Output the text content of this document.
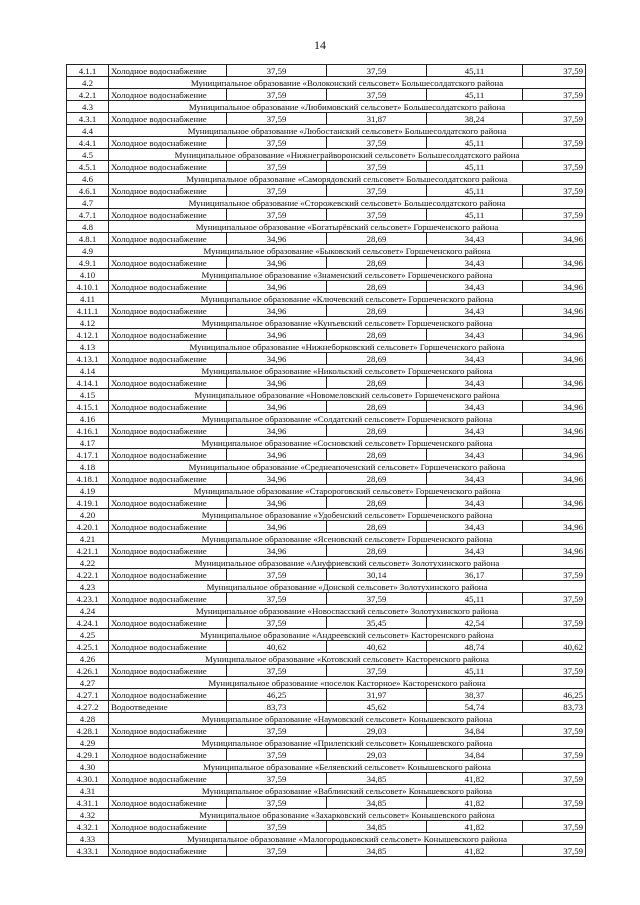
14
4.1.1	Холодное водоснабжение	37,59	37,59	45,11	37,59
4.2	Муниципальное образование «Волоконский сельсовет» Большесолдатского района				
4.2.1	Холодное водоснабжение	37,59	37,59	45,11	37,59
4.3	Муниципальное образование «Любимовский сельсовет» Большесолдатского района				
4.3.1	Холодное водоснабжение	37,59	31,87	38,24	37,59
4.4	Муниципальное образование «Любостанский сельсовет» Большесолдатского района				
4.4.1	Холодное водоснабжение	37,59	37,59	45,11	37,59
4.5	Муниципальное образование «Нижнеграйворонский сельсовет» Большесолдатского района				
4.5.1	Холодное водоснабжение	37,59	37,59	45,11	37,59
4.6	Муниципальное образование «Саморядовский сельсовет» Большесолдатского района				
4.6.1	Холодное водоснабжение	37,59	37,59	45,11	37,59
4.7	Муниципальное образование «Сторожевский сельсовет» Большесолдатского района				
4.7.1	Холодное водоснабжение	37,59	37,59	45,11	37,59
4.8	Муниципальное образование «Богатырёвский сельсовет» Горшеченского района				
4.8.1	Холодное водоснабжение	34,96	28,69	34,43	34,96
4.9	Муниципальное образование «Быковский сельсовет» Горшеченского района				
4.9.1	Холодное водоснабжение	34,96	28,69	34,43	34,96
4.10	Муниципальное образование «Знаменский сельсовет» Горшеченского района				
4.10.1	Холодное водоснабжение	34,96	28,69	34,43	34,96
4.11	Муниципальное образование «Ключевский сельсовет» Горшеченского района				
4.11.1	Холодное водоснабжение	34,96	28,69	34,43	34,96
4.12	Муниципальное образование «Кунъевский сельсовет» Горшеченского района				
4.12.1	Холодное водоснабжение	34,96	28,69	34,43	34,96
4.13	Муниципальное образование «Нижнеборковский сельсовет» Горшеченского района				
4.13.1	Холодное водоснабжение	34,96	28,69	34,43	34,96
4.14	Муниципальное образование «Никольский сельсовет» Горшеченского района				
4.14.1	Холодное водоснабжение	34,96	28,69	34,43	34,96
4.15	Муниципальное образование «Новомеловский сельсовет» Горшеченского района				
4.15.1	Холодное водоснабжение	34,96	28,69	34,43	34,96
4.16	Муниципальное образование «Солдатский сельсовет» Горшеченского района				
4.16.1	Холодное водоснабжение	34,96	28,69	34,43	34,96
4.17	Муниципальное образование «Сосновский сельсовет» Горшеченского района				
4.17.1	Холодное водоснабжение	34,96	28,69	34,43	34,96
4.18	Муниципальное образование «Среднеапоченский сельсовет» Горшеченского района				
4.18.1	Холодное водоснабжение	34,96	28,69	34,43	34,96
4.19	Муниципальное образование «Старороговский сельсовет» Горшеченского района				
4.19.1	Холодное водоснабжение	34,96	28,69	34,43	34,96
4.20	Муниципальное образование «Удобенский сельсовет» Горшеченского района				
4.20.1	Холодное водоснабжение	34,96	28,69	34,43	34,96
4.21	Муниципальное образование «Ясеновский сельсовет» Горшеченского района				
4.21.1	Холодное водоснабжение	34,96	28,69	34,43	34,96
4.22	Муниципальное образование «Ануфриевский сельсовет» Золотухинского района				
4.22.1	Холодное водоснабжение	37,59	30,14	36,17	37,59
4.23	Муниципальное образование «Донской сельсовет» Золотухинского района				
4.23.1	Холодное водоснабжение	37,59	37,59	45,11	37,59
4.24	Муниципальное образование «Новоспасский сельсовет» Золотухинского района				
4.24.1	Холодное водоснабжение	37,59	35,45	42,54	37,59
4.25	Муниципальное образование «Андреевский сельсовет» Касторенского района				
4.25.1	Холодное водоснабжение	40,62	40,62	48,74	40,62
4.26	Муниципальное образование «Котовский сельсовет» Касторенского района				
4.26.1	Холодное водоснабжение	37,59	37,59	45,11	37,59
4.27	Муниципальное образование «поселок Касторное» Касторенского района				
4.27.1	Холодное водоснабжение	46,25	31,97	38,37	46,25
4.27.2	Водоотведение	83,73	45,62	54,74	83,73
4.28	Муниципальное образование «Наумовский сельсовет» Конышевского района				
4.28.1	Холодное водоснабжение	37,59	29,03	34,84	37,59
4.29	Муниципальное образование «Прилепский сельсовет» Конышевского района				
4.29.1	Холодное водоснабжение	37,59	29,03	34,84	37,59
4.30	Муниципальное образование «Беляевский сельсовет» Конышевского района				
4.30.1	Холодное водоснабжение	37,59	34,85	41,82	37,59
4.31	Муниципальное образование «Ваблинский сельсовет» Конышевского района				
4.31.1	Холодное водоснабжение	37,59	34,85	41,82	37,59
4.32	Муниципальное образование «Захарковский сельсовет» Конышевского района				
4.32.1	Холодное водоснабжение	37,59	34,85	41,82	37,59
4.33	Муниципальное образование «Малогородьковский сельсовет» Конышевского района				
4.33.1	Холодное водоснабжение	37,59	34,85	41,82	37,59
